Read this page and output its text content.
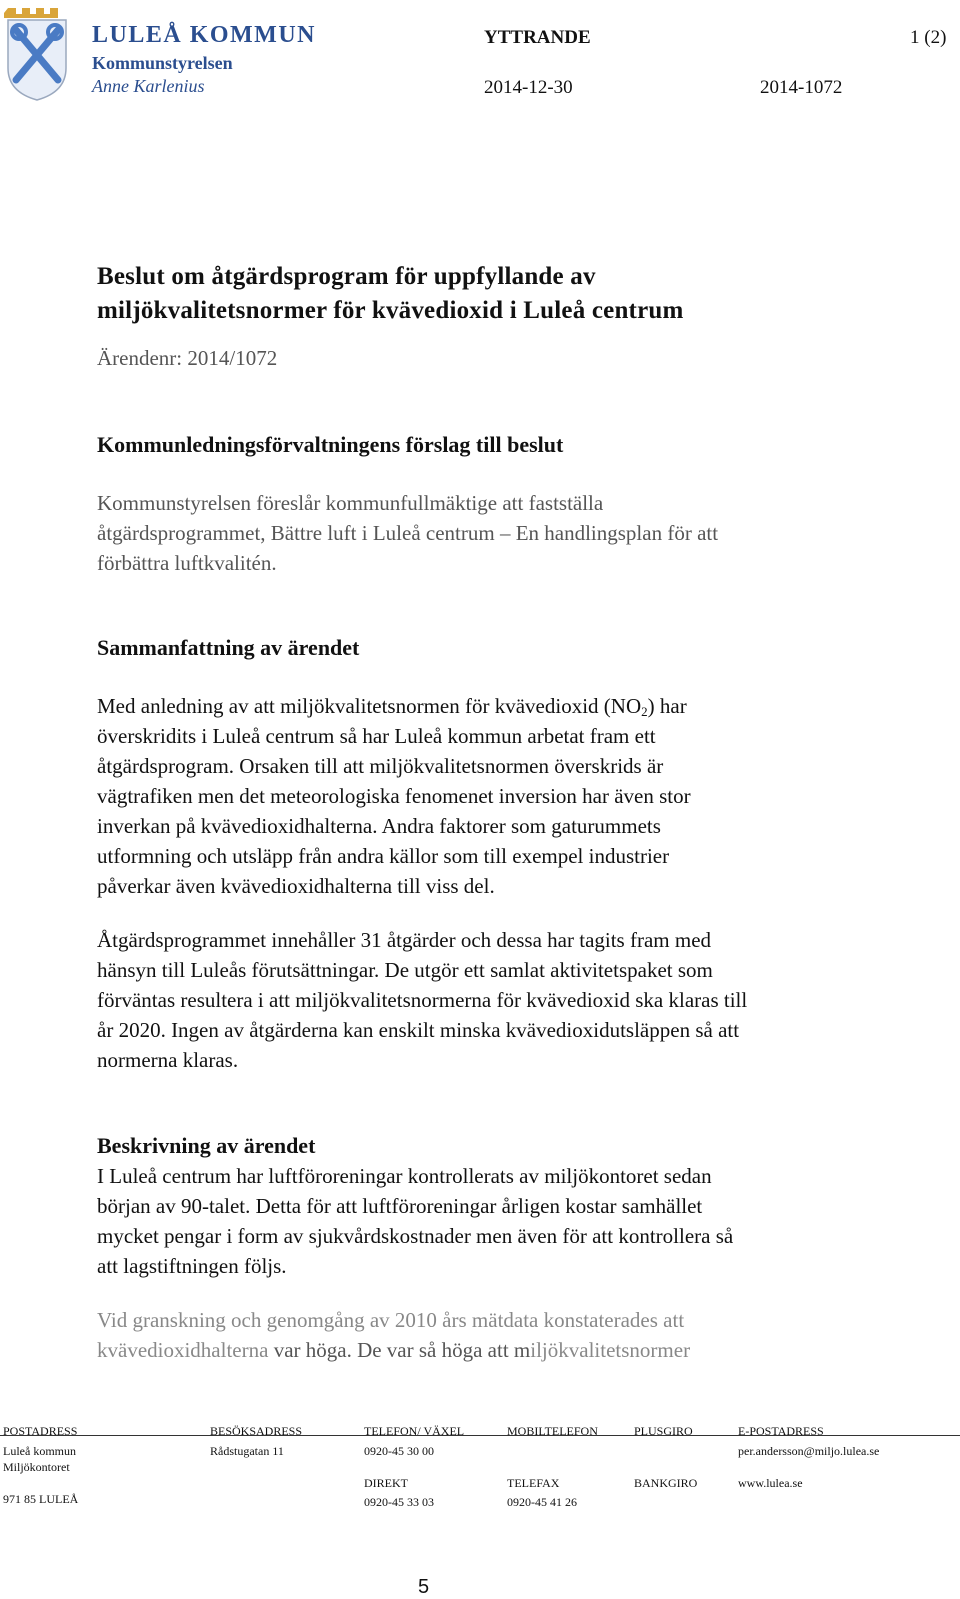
LULEÅ KOMMUN
Kommunstyrelsen
Anne Karlenius
YTTRANDE	1 (2)
2014-12-30	2014-1072
Beslut om åtgärdsprogram för uppfyllande av
miljökvalitetsnormer för kvävedioxid i Luleå centrum
Ärendenr: 2014/1072
Kommunledningsförvaltningens förslag till beslut
Kommunstyrelsen föreslår kommunfullmäktige att fastställa
åtgärdsprogrammet, Bättre luft i Luleå centrum – En handlingsplan för att
förbättra luftkvalitén.
Sammanfattning av ärendet
Med anledning av att miljökvalitetsnormen för kvävedioxid $(NO_2)$ har
överskridits i Luleå centrum så har Luleå kommun arbetat fram ett
åtgärdsprogram. Orsaken till att miljökvalitetsnormen överskrids är
vägtrafiken men det meteorologiska fenomenet inversion har även stor
inverkan på kvävedioxidhalterna. Andra faktorer som gaturummets
utformning och utsläpp från andra källor som till exempel industrier
påverkar även kvävedioxidhalterna till viss del.
Åtgärdsprogrammet innehåller 31 åtgärder och dessa har tagits fram med
hänsyn till Luleås förutsättningar. De utgör ett samlat aktivitetspaket som
förväntas resultera i att miljökvalitetsnormerna för kvävedioxid ska klaras till
år 2020. Ingen av åtgärderna kan enskilt minska kvävedioxidutsläppen så att
normerna klaras.
Beskrivning av ärendet
I Luleå centrum har luftföroreningar kontrollerats av miljökontoret sedan
början av 90-talet. Detta för att luftföroreningar årligen kostar samhället
mycket pengar i form av sjukvårdskostnader men även för att kontrollera så
att lagstiftningen följs.
Vid granskning och genomgång av 2010 års mätdata konstaterades att
kvävedioxidhalterna var höga. De var så höga att miljökvalitetsnormer
POSTADRESS
Luleå kommun
Miljökontoret
971 85 LULEÅ
BESÖKSADRESS
Rådstugatan 11
TELEFON/ VÄXEL
0920-45 30 00
DIREKT
0920-45 33 03
MOBILTELEFON
TELEFAX
0920-45 41 26
PLUSGIRO
BANKGIRO
E-POSTADRESS
per.andersson@miljo.lulea.se
www.lulea.se
5
